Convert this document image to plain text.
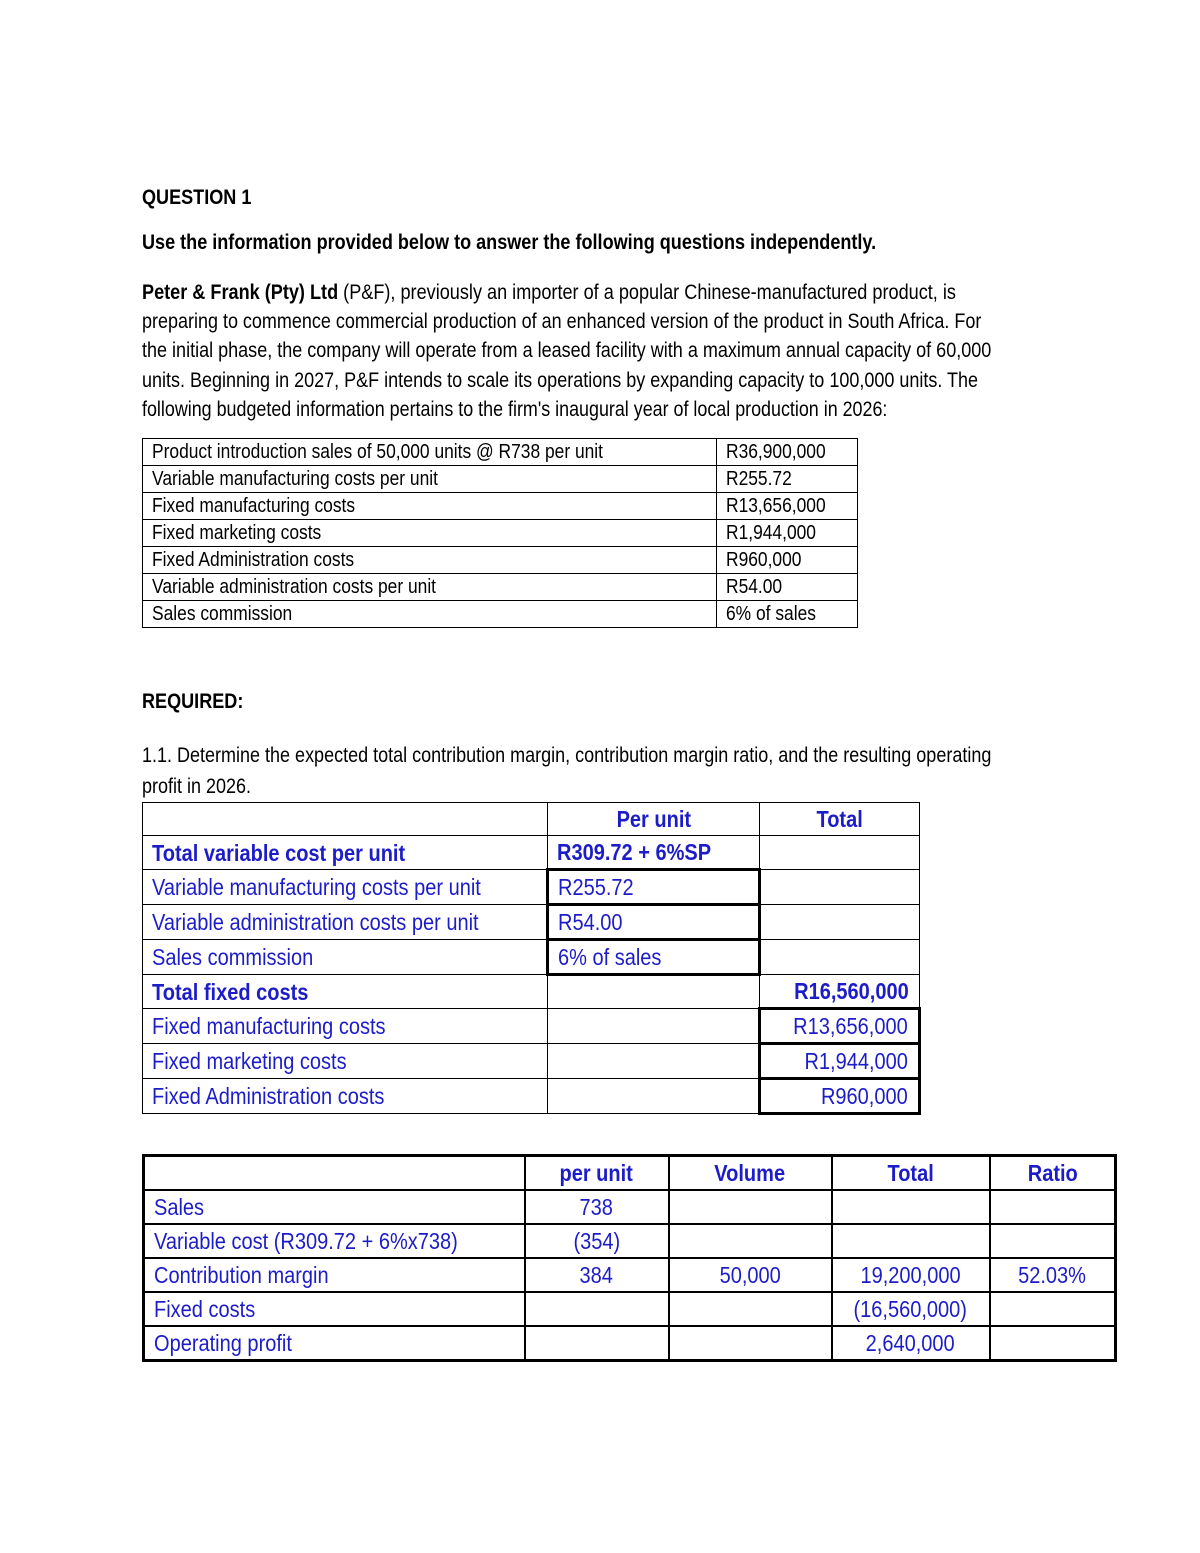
QUESTION 1
Use the information provided below to answer the following questions independently.
Peter & Frank (Pty) Ltd (P&F), previously an importer of a popular Chinese-manufactured product, is
preparing to commence commercial production of an enhanced version of the product in South Africa. For
the initial phase, the company will operate from a leased facility with a maximum annual capacity of 60,000
units. Beginning in 2027, P&F intends to scale its operations by expanding capacity to 100,000 units. The
following budgeted information pertains to the firm's inaugural year of local production in 2026:
Product introduction sales of 50,000 units @ R738 per unit	R36,900,000
Variable manufacturing costs per unit	R255.72
Fixed manufacturing costs	R13,656,000
Fixed marketing costs	R1,944,000
Fixed Administration costs	R960,000
Variable administration costs per unit	R54.00
Sales commission	6% of sales
REQUIRED:
1.1. Determine the expected total contribution margin, contribution margin ratio, and the resulting operating
profit in 2026.
	Per unit	Total
Total variable cost per unit	R309.72 + 6%SP	
Variable manufacturing costs per unit	R255.72	
Variable administration costs per unit	R54.00	
Sales commission	6% of sales	
Total fixed costs		R16,560,000
Fixed manufacturing costs		R13,656,000
Fixed marketing costs		R1,944,000
Fixed Administration costs		R960,000
	per unit	Volume	Total	Ratio
Sales	738			
Variable cost (R309.72 + 6%x738)	(354)			
Contribution margin	384	50,000	19,200,000	52.03%
Fixed costs			(16,560,000)	
Operating profit			2,640,000	
